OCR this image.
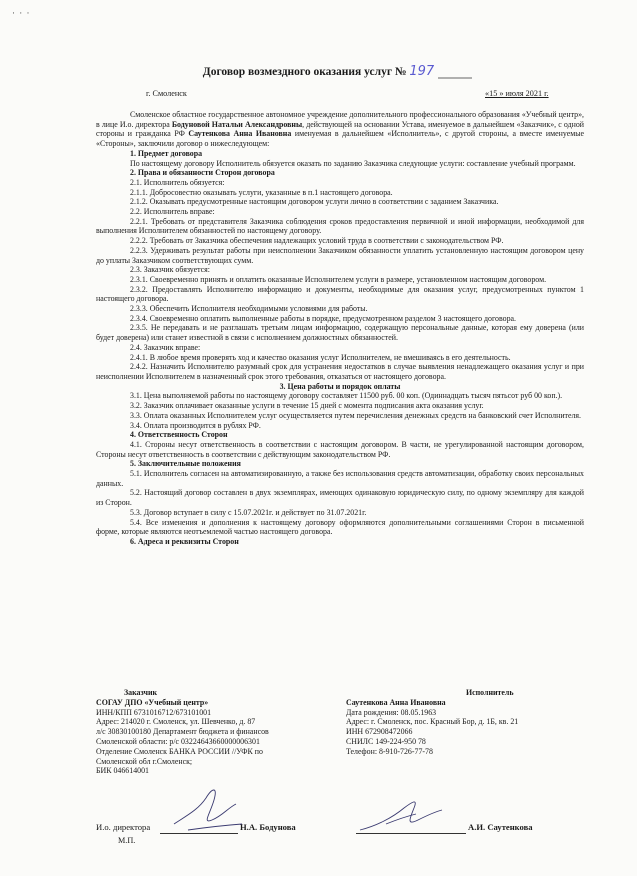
· · ·
Договор возмездного оказания услуг № 197
г. Смоленск	«15 » июля 2021 г.

Смоленское областное государственное автономное учреждение дополнительного профессионального образования «Учебный центр», в лице И.о. директора Бодуновой Натальи Александровны, действующей на основании Устава, именуемое в дальнейшем «Заказчик», с одной стороны и гражданка РФ Саутенкова Анна Ивановна именуемая в дальнейшем «Исполнитель», с другой стороны, а вместе именуемые «Стороны», заключили договор о нижеследующем:

1. Предмет договора

По настоящему договору Исполнитель обязуется оказать по заданию Заказчика следующие услуги: составление учебный программ.

2. Права и обязанности Сторон договора

2.1. Исполнитель обязуется:

2.1.1. Добросовестно оказывать услуги, указанные в п.1 настоящего договора.

2.1.2. Оказывать предусмотренные настоящим договором услуги лично в соответствии с заданием Заказчика.

2.2. Исполнитель вправе:

2.2.1. Требовать от представителя Заказчика соблюдения сроков предоставления первичной и иной информации, необходимой для выполнения Исполнителем обязанностей по настоящему договору.

2.2.2. Требовать от Заказчика обеспечения надлежащих условий труда в соответствии с законодательством РФ.

2.2.3. Удерживать результат работы при неисполнении Заказчиком обязанности уплатить установленную настоящим договором цену до уплаты Заказчиком соответствующих сумм.

2.3. Заказчик обязуется:

2.3.1. Своевременно принять и оплатить оказанные Исполнителем услуги в размере, установленном настоящим договором.

2.3.2. Предоставлять Исполнителю информацию и документы, необходимые для оказания услуг, предусмотренных пунктом 1 настоящего договора.

2.3.3. Обеспечить Исполнителя необходимыми условиями для работы.

2.3.4. Своевременно оплатить выполненные работы в порядке, предусмотренном разделом 3 настоящего договора.

2.3.5. Не передавать и не разглашать третьим лицам информацию, содержащую персональные данные, которая ему доверена (или будет доверена) или станет известной в связи с исполнением должностных обязанностей.

2.4. Заказчик вправе:

2.4.1. В любое время проверять ход и качество оказания услуг Исполнителем, не вмешиваясь в его деятельность.

2.4.2. Назначить Исполнителю разумный срок для устранения недостатков в случае выявления ненадлежащего оказания услуг и при неисполнении Исполнителем в назначенный срок этого требования, отказаться от настоящего договора.

3. Цена работы и порядок оплаты

3.1. Цена выполняемой работы по настоящему договору составляет 11500 руб. 00 коп. (Одиннадцать тысяч пятьсот руб 00 коп.).

3.2. Заказчик оплачивает оказанные услуги в течение 15 дней с момента подписания акта оказания услуг.

3.3. Оплата оказанных Исполнителем услуг осуществляется путем перечисления денежных средств на банковский счет Исполнителя.

3.4. Оплата производится в рублях РФ.

4. Ответственность Сторон

4.1. Стороны несут ответственность в соответствии с настоящим договором. В части, не урегулированной настоящим договором, Стороны несут ответственность в соответствии с действующим законодательством РФ.

5. Заключительные положения

5.1. Исполнитель согласен на автоматизированную, а также без использования средств автоматизации, обработку своих персональных данных.

5.2. Настоящий договор составлен в двух экземплярах, имеющих одинаковую юридическую силу, по одному экземпляру для каждой из Сторон.

5.3. Договор вступает в силу с 15.07.2021г. и действует по 31.07.2021г.

5.4. Все изменения и дополнения к настоящему договору оформляются дополнительными соглашениями Сторон в письменной форме, которые являются неотъемлемой частью настоящего договора.

6. Адреса и реквизиты Сторон

Заказчик
СОГАУ ДПО «Учебный центр»
ИНН/КПП 6731016712/673101001
Адрес: 214020 г. Смоленск, ул. Шевченко, д. 87
л/с 30830100180 Департамент бюджета и финансов
Смоленской области: р/с 03224643660000006301
Отделение Смоленск БАНКА РОССИИ //УФК по
Смоленской обл г.Смоленск;
БИК 046614001
Исполнитель
Саутенкова Анна Ивановна
Дата рождения: 08.05.1963
Адрес: г. Смоленск, пос. Красный Бор, д. 1Б, кв. 21
ИНН 672908472066
СНИЛС 149-224-950 78
Телефон: 8-910-726-77-78
И.о. директора	Н.А. Бодунова	А.И. Саутенкова
М.П.
